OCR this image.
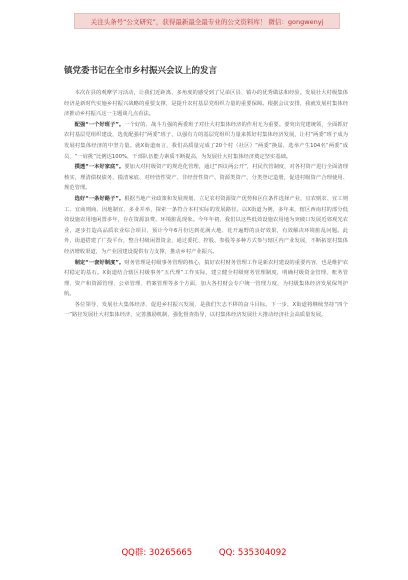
关注头条号“公文研究”，获得最新最全最专业的公文资料库！ 微信：gongwenyj
镇党委书记在全市乡村振兴会议上的发言

本次在县的观摩学习活动，让我们近距离、多角度的感受到了兄弟区县、镇办的优秀做法和经验。发展壮大村级集体经济是新时代实施乡村振兴战略的重要支撑，是提升农村基层党组织力量的重要保障。根据会议安排，我就发展村集体经济推动乡村振兴这一主题谈几点看法。

配强“一个好班子”。一个好的、战斗力强的两委班子对壮大村集体经济的作用无为重要。要突出党建统领，全面抓好农村基层党组织建设，选优配强村“两委”班子，以强有力的基层党组织力量来抓好村集体经济发展，让村“两委”班子成为发展村集体经济的中坚力量。就X街道而言，我们高质量完成了20个村（社区）“两委”换届，选举产生104名“两委”成员，“一肩挑”比例达100%，干部队伍能力素质不断提高，为发展壮大村集体经济奠定坚实基础。

摸透“一本好家底”。要加大对村级资产的规范化管理，通过“四议两公开”，村民代管制度，对各村资产进行全面清理核实，理清债权债务，摸清家底、对经营性资产、非经营性资产、资源类资产，分类登记造册，促进村级资产合理使用、规范管理。

选好“一条好路子”。根据当地产业政策和发展规划，立足农村资源资产优势和区位条件选择产业，宜农则农、宜工则工、宜商则商、因地制宜、多业并举，探索一条符合本村实际的发展路径。以X街道为例，多年来，辖区西南村的部分低效设施农用地闲置多年，存在资源浪费、环境脏乱现象。今年年初，我们以这些低效设施农用地为突破口发展近郊观光农业，逐步打造高品质农业综合项目，预计今年6月份达到花满大地、花开遍野的良好效果，有效解决环境脏乱问题。此外，街道搭建了广投平台，整合村级闲置资金，通过委托、控股、参股等多种方式参与辖区内产业发展，不断拓宽村集体经济增收渠道，为产业园建设提供有力支撑，推动乡村产业振兴。

制定“一套好制度”。财务管理是村级事务管理的核心，搞好农村财务管理工作是新农村建设的重要内容，也是维护农村稳定的基石。X街道结合辖区村级事务“五代理”工作实际，建立健全村级财务管理制度，明确村级资金管理、账务管理、资产和资源管理、公章管理、档案管理等多个方面，加大各村财会专户统一管理力度，为村级集体经济发展保驾护航。

各位领导，发展壮大集体经济、促进乡村振兴发展，是我们矢志不移的奋斗目标。下一步，X街道将继续坚持“四个一”路径发展壮大村集体经济，完善激励机制、强化督查指导，以村集体经济发展壮大推动经济社会高质量发展。

QQ群: 30265665	QQ: 535304092
